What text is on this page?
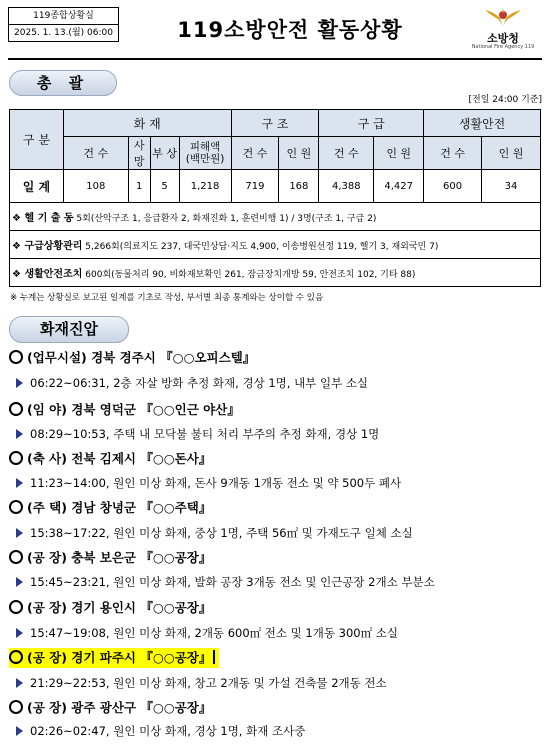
119종합상황실
2025. 1. 13.(월) 06:00	119소방안전 활동상황	소방청
National Fire Agency 119
총 괄
[전일 24:00 기준]
구 분	화 재				구 조		구 급		생활안전	
	건 수	사 망	부 상	피해액
(백만원)	건 수	인 원	건 수	인 원	건 수	인 원
일 계	108	1	5	1,218	719	168	4,388	4,427	600	34
❖ 헬 기 출 동 5회(산악구조 1, 응급환자 2, 화재진화 1, 훈련비행 1) / 3명(구조 1, 구급 2)										
❖ 구급상황관리 5,266회(의료지도 237, 대국민상담·지도 4,900, 이송병원선정 119, 헬기 3, 재외국민 7)										
❖ 생활안전조치 600회(동물처리 90, 비화재보확인 261, 잠금장치개방 59, 안전조치 102, 기타 88)										
※ 누계는 상황실로 보고된 일계를 기초로 작성, 부서별 최종 통계와는 상이할 수 있음
화재진압
(업무시설) 경북 경주시 『○○오피스텔』
06:22~06:31, 2층 자살 방화 추정 화재, 경상 1명, 내부 일부 소실
(임 야) 경북 영덕군 『○○인근 야산』
08:29~10:53, 주택 내 모닥불 불티 처리 부주의 추정 화재, 경상 1명
(축 사) 전북 김제시 『○○돈사』
11:23~14:00, 원인 미상 화재, 돈사 9개동 1개동 전소 및 약 500두 폐사
(주 택) 경남 창녕군 『○○주택』
15:38~17:22, 원인 미상 화재, 중상 1명, 주택 56㎡ 및 가재도구 일체 소실
(공 장) 충북 보은군 『○○공장』
15:45~23:21, 원인 미상 화재, 발화 공장 3개동 전소 및 인근공장 2개소 부분소
(공 장) 경기 용인시 『○○공장』
15:47~19:08, 원인 미상 화재, 2개동 600㎡ 전소 및 1개동 300㎡ 소실
(공 장) 경기 파주시 『○○공장』
21:29~22:53, 원인 미상 화재, 창고 2개동 및 가설 건축물 2개동 전소
(공 장) 광주 광산구 『○○공장』
02:26~02:47, 원인 미상 화재, 경상 1명, 화재 조사중
